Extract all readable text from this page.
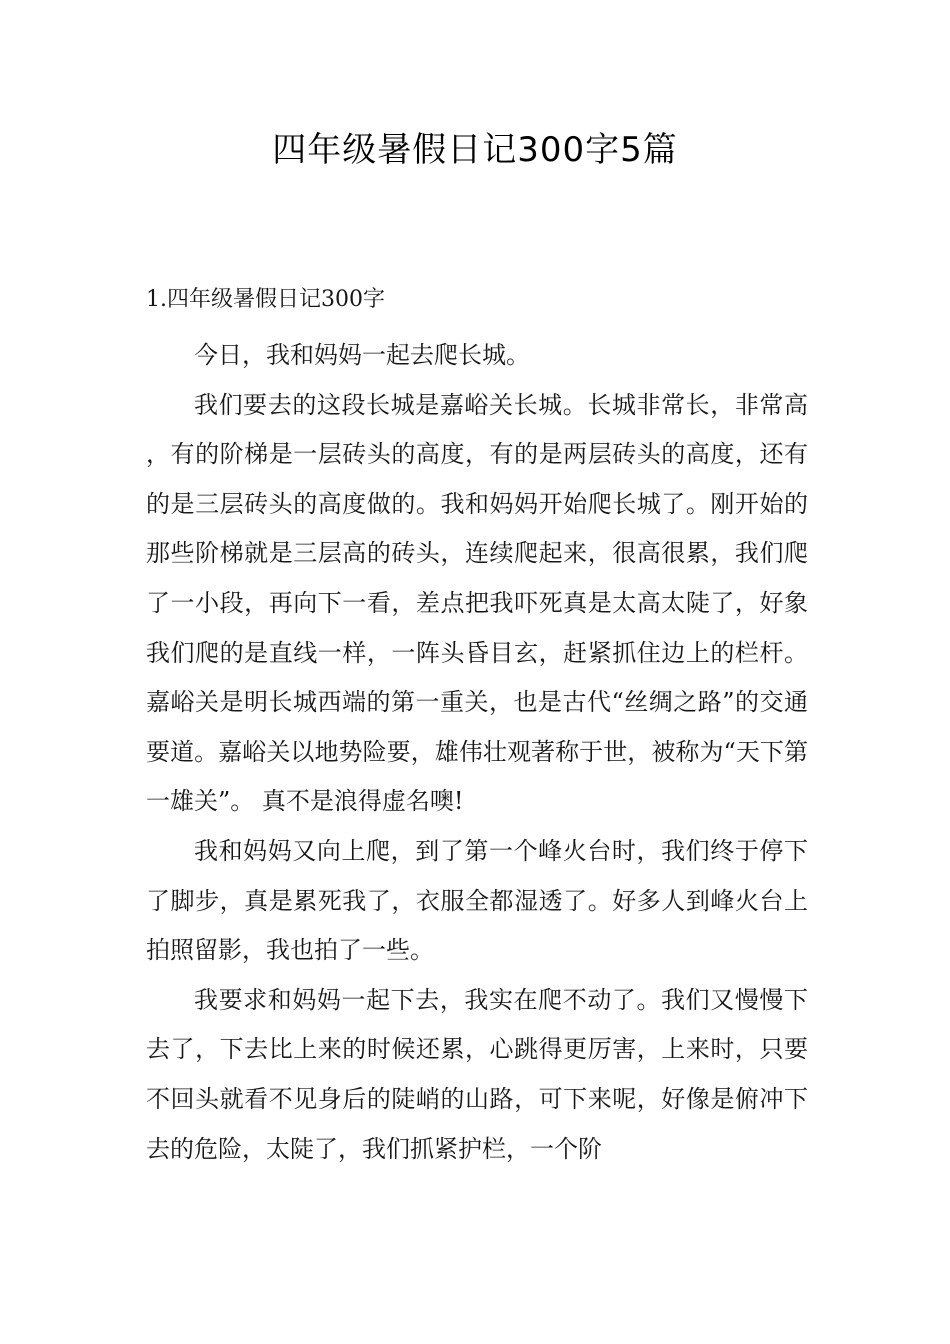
四年级暑假日记300字5篇
1.四年级暑假日记300字

今日，我和妈妈一起去爬长城。

我们要去的这段长城是嘉峪关长城。长城非常长，非常高，有的阶梯是一层砖头的高度，有的是两层砖头的高度，还有的是三层砖头的高度做的。我和妈妈开始爬长城了。刚开始的那些阶梯就是三层高的砖头，连续爬起来，很高很累，我们爬了一小段，再向下一看，差点把我吓死真是太高太陡了，好象我们爬的是直线一样，一阵头昏目玄，赶紧抓住边上的栏杆。嘉峪关是明长城西端的第一重关，也是古代“丝绸之路”的交通要道。嘉峪关以地势险要，雄伟壮观著称于世，被称为“天下第一雄关”。 真不是浪得虚名噢!

我和妈妈又向上爬，到了第一个峰火台时，我们终于停下了脚步，真是累死我了，衣服全都湿透了。好多人到峰火台上拍照留影，我也拍了一些。

我要求和妈妈一起下去，我实在爬不动了。我们又慢慢下去了，下去比上来的时候还累，心跳得更厉害，上来时，只要不回头就看不见身后的陡峭的山路，可下来呢，好像是俯冲下去的危险，太陡了，我们抓紧护栏，一个阶
